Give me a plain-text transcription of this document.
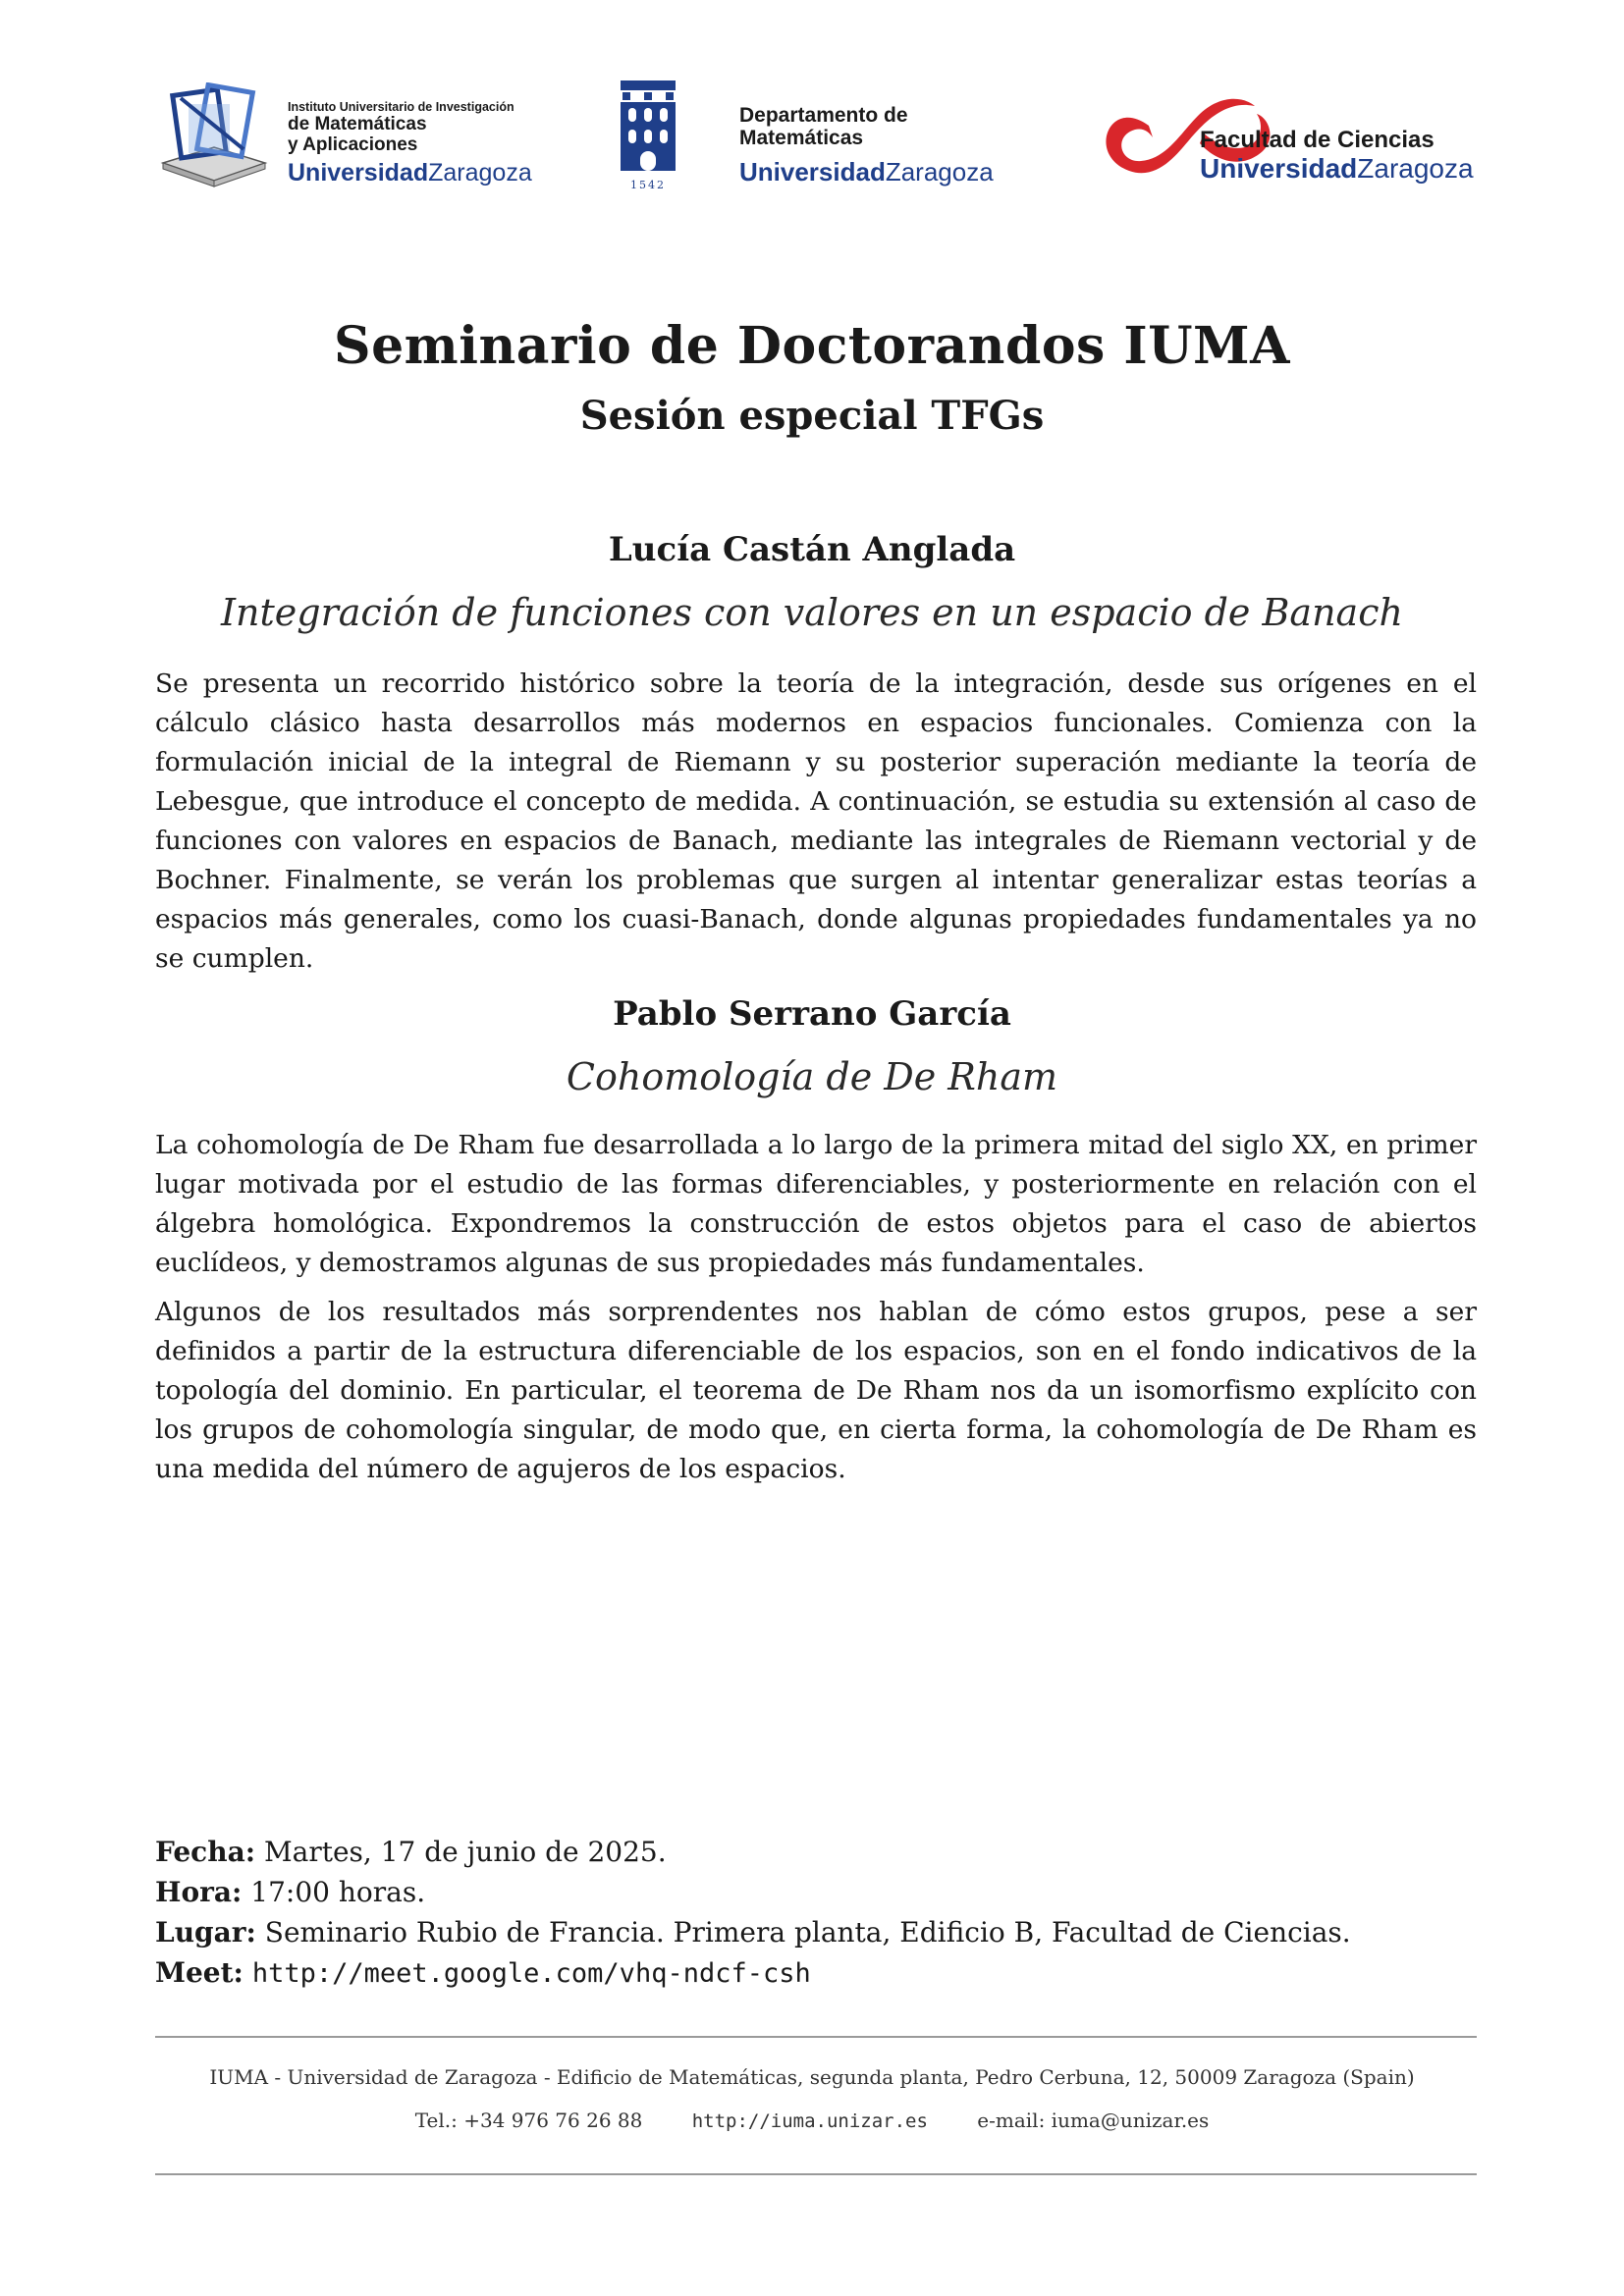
Instituto Universitario de Investigación
de Matemáticas
y Aplicaciones
UniversidadZaragoza	1542
Departamento de
Matemáticas
UniversidadZaragoza
Facultad de Ciencias
UniversidadZaragoza
Seminario de Doctorandos IUMA
Sesión especial TFGs
Lucía Castán Anglada
Integración de funciones con valores en un espacio de Banach

Se presenta un recorrido histórico sobre la teoría de la integración, desde sus orígenes en el cálculo clásico hasta desarrollos más modernos en espacios funcionales. Comienza con la formulación inicial de la integral de Riemann y su posterior superación mediante la teoría de Lebesgue, que introduce el concepto de medida. A continuación, se estudia su extensión al caso de funciones con valores en espacios de Banach, mediante las integrales de Riemann vectorial y de Bochner. Finalmente, se verán los problemas que surgen al intentar generalizar estas teorías a espacios más generales, como los cuasi-Banach, donde algunas propiedades fundamentales ya no se cumplen.

Pablo Serrano García
Cohomología de De Rham

La cohomología de De Rham fue desarrollada a lo largo de la primera mitad del siglo XX, en primer lugar motivada por el estudio de las formas diferenciables, y posteriormente en relación con el álgebra homológica. Expondremos la construcción de estos objetos para el caso de abiertos euclídeos, y demostramos algunas de sus propiedades más fundamentales.

Algunos de los resultados más sorprendentes nos hablan de cómo estos grupos, pese a ser definidos a partir de la estructura diferenciable de los espacios, son en el fondo indicativos de la topología del dominio. En particular, el teorema de De Rham nos da un isomorfismo explícito con los grupos de cohomología singular, de modo que, en cierta forma, la cohomología de De Rham es una medida del número de agujeros de los espacios.

Fecha: Martes, 17 de junio de 2025.
Hora: 17:00 horas.
Lugar: Seminario Rubio de Francia. Primera planta, Edificio B, Facultad de Ciencias.
Meet: http://meet.google.com/vhq-ndcf-csh
IUMA - Universidad de Zaragoza - Edificio de Matemáticas, segunda planta, Pedro Cerbuna, 12, 50009 Zaragoza (Spain)
Tel.: +34 976 76 26 88	http://iuma.unizar.es	e-mail: iuma@unizar.es
